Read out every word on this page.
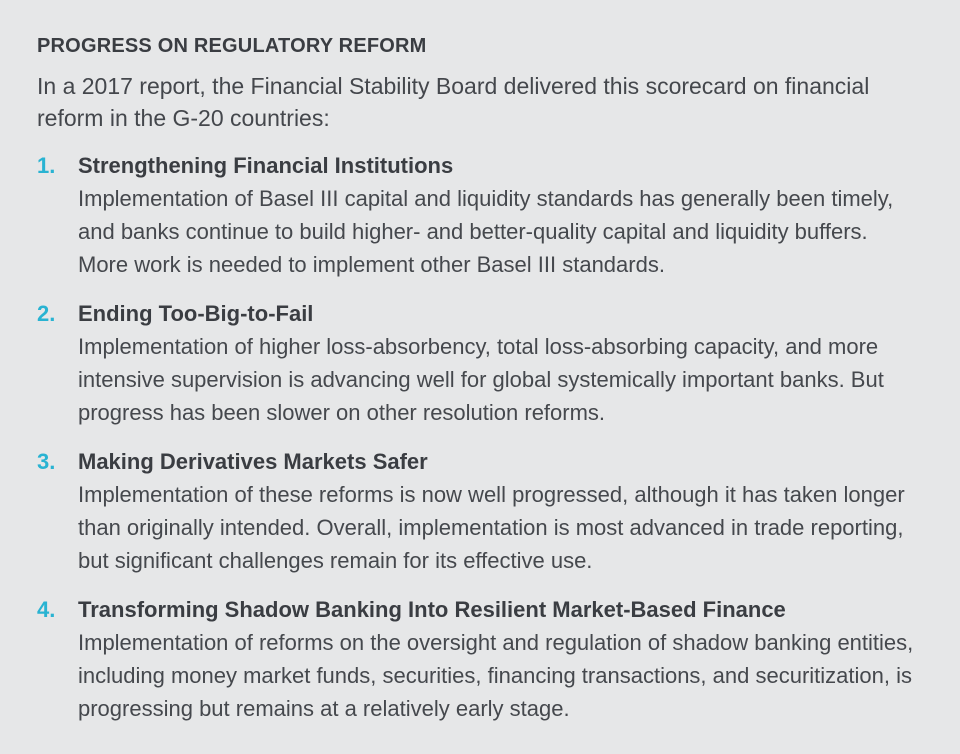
PROGRESS ON REGULATORY REFORM

In a 2017 report, the Financial Stability Board delivered this scorecard on financial reform in the G-20 countries:

1.	Strengthening Financial Institutions
Implementation of Basel III capital and liquidity standards has generally been timely, and banks continue to build higher- and better-quality capital and liquidity buffers. More work is needed to implement other Basel III standards.
2.	Ending Too-Big-to-Fail
Implementation of higher loss-absorbency, total loss-absorbing capacity, and more intensive supervision is advancing well for global systemically important banks. But progress has been slower on other resolution reforms.
3.	Making Derivatives Markets Safer
Implementation of these reforms is now well progressed, although it has taken longer than originally intended. Overall, implementation is most advanced in trade reporting, but significant challenges remain for its effective use.
4.	Transforming Shadow Banking Into Resilient Market-Based Finance
Implementation of reforms on the oversight and regulation of shadow banking entities, including money market funds, securities, financing transactions, and securitization, is progressing but remains at a relatively early stage.
